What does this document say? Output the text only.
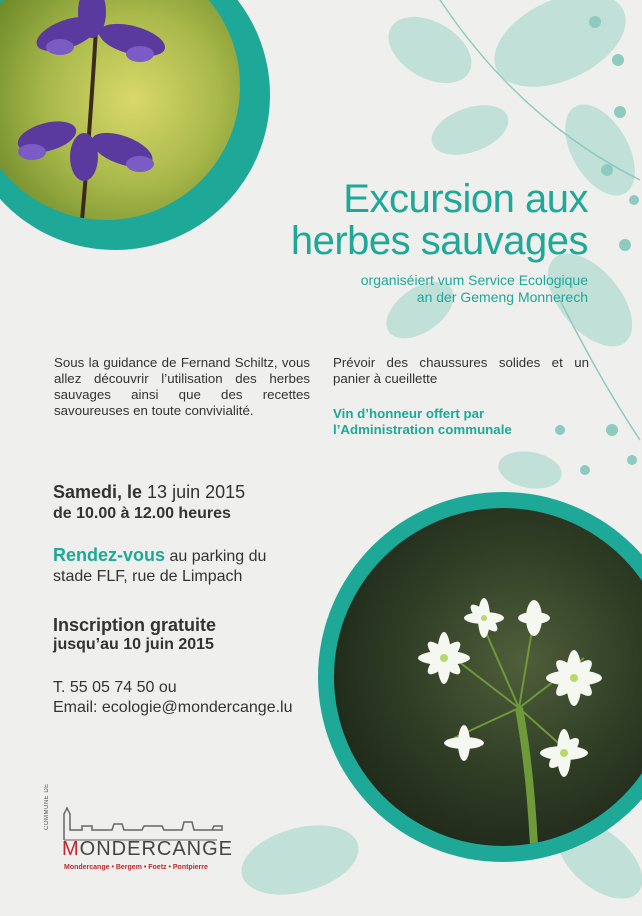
Excursion aux
herbes sauvages
organiséiert vum Service Ecologique
an der Gemeng Monnerech
Sous la guidance de Fernand Schiltz, vous allez découvrir l’utilisation des herbes sauvages ainsi que des recettes savoureuses en toute convivialité.
Prévoir des chaussures solides et un panier à cueillette
Vin d’honneur offert par
l’Administration communale
Samedi, le 13 juin 2015
de 10.00 à 12.00 heures
Rendez-vous au parking du
stade FLF, rue de Limpach
Inscription gratuite
jusqu’au 10 juin 2015
T. 55 05 74 50 ou
Email: ecologie@mondercange.lu
COMMUNE DE
MONDERCANGE
Mondercange • Bergem • Foetz • Pontpierre
